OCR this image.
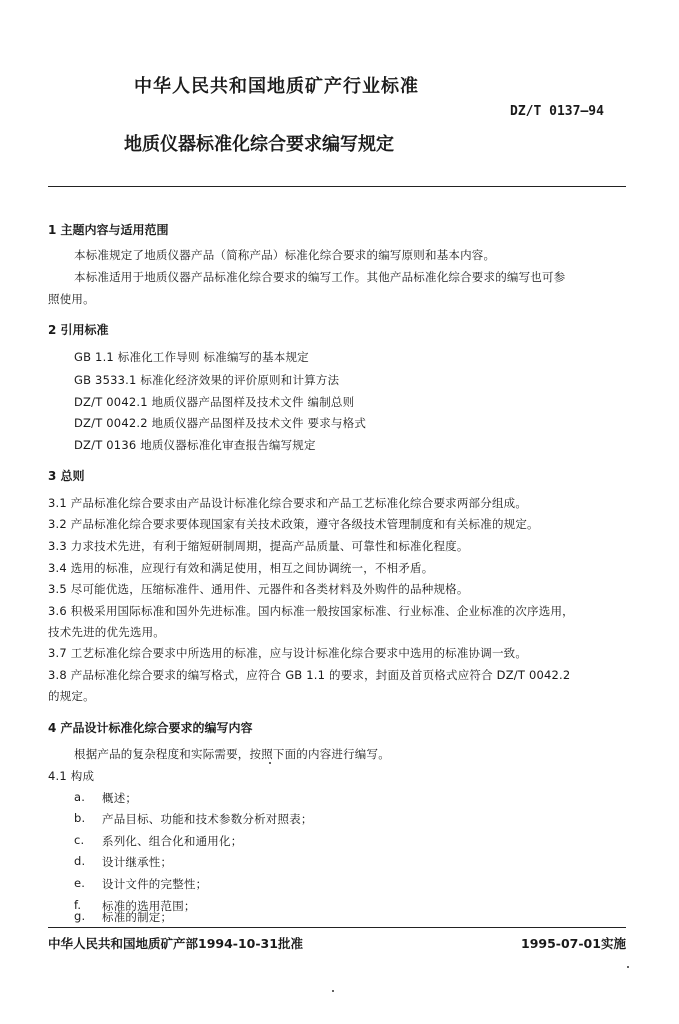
中华人民共和国地质矿产行业标准
DZ/T 0137—94
地质仪器标准化综合要求编写规定
1 主题内容与适用范围
本标准规定了地质仪器产品（简称产品）标准化综合要求的编写原则和基本内容。
本标准适用于地质仪器产品标准化综合要求的编写工作。其他产品标准化综合要求的编写也可参
照使用。
2 引用标准
GB 1.1 标准化工作导则 标准编写的基本规定
GB 3533.1 标准化经济效果的评价原则和计算方法
DZ/T 0042.1 地质仪器产品图样及技术文件 编制总则
DZ/T 0042.2 地质仪器产品图样及技术文件 要求与格式
DZ/T 0136 地质仪器标准化审查报告编写规定
3 总则
3.1 产品标准化综合要求由产品设计标准化综合要求和产品工艺标准化综合要求两部分组成。
3.2 产品标准化综合要求要体现国家有关技术政策，遵守各级技术管理制度和有关标准的规定。
3.3 力求技术先进，有利于缩短研制周期，提高产品质量、可靠性和标准化程度。
3.4 选用的标准，应现行有效和满足使用，相互之间协调统一，不相矛盾。
3.5 尽可能优选，压缩标准件、通用件、元器件和各类材料及外购件的品种规格。
3.6 积极采用国际标准和国外先进标准。国内标准一般按国家标准、行业标准、企业标准的次序选用，
技术先进的优先选用。
3.7 工艺标准化综合要求中所选用的标准，应与设计标准化综合要求中选用的标准协调一致。
3.8 产品标准化综合要求的编写格式，应符合 GB 1.1 的要求，封面及首页格式应符合 DZ/T 0042.2
的规定。
4 产品设计标准化综合要求的编写内容
根据产品的复杂程度和实际需要，按照下面的内容进行编写。
4.1 构成
a. 概述；
b. 产品目标、功能和技术参数分析对照表；
c. 系列化、组合化和通用化；
d. 设计继承性；
e. 设计文件的完整性；
f. 标准的选用范围；
g. 标准的制定；
中华人民共和国地质矿产部1994-10-31批准	1995-07-01实施
